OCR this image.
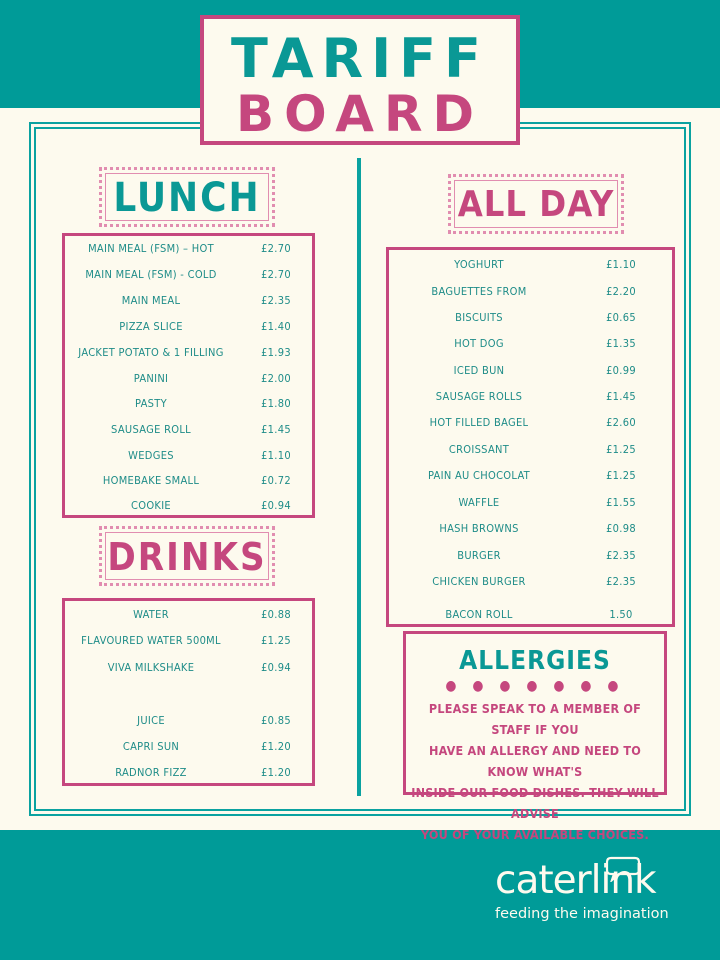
TARIFF
BOARD
LUNCH
MAIN MEAL (FSM) – HOT	£2.70
MAIN MEAL (FSM) - COLD	£2.70
MAIN MEAL	£2.35
PIZZA SLICE	£1.40
JACKET POTATO & 1 FILLING	£1.93
PANINI	£2.00
PASTY	£1.80
SAUSAGE ROLL	£1.45
WEDGES	£1.10
HOMEBAKE SMALL	£0.72
COOKIE	£0.94
DRINKS
WATER	£0.88
FLAVOURED WATER 500ML	£1.25
VIVA MILKSHAKE	£0.94
JUICE	£0.85
CAPRI SUN	£1.20
RADNOR FIZZ	£1.20
ALL DAY
YOGHURT	£1.10
BAGUETTES FROM	£2.20
BISCUITS	£0.65
HOT DOG	£1.35
ICED BUN	£0.99
SAUSAGE ROLLS	£1.45
HOT FILLED BAGEL	£2.60
CROISSANT	£1.25
PAIN AU CHOCOLAT	£1.25
WAFFLE	£1.55
HASH BROWNS	£0.98
BURGER	£2.35
CHICKEN BURGER	£2.35
BACON ROLL	1.50
ALLERGIES
● ● ● ● ● ● ●
PLEASE SPEAK TO A MEMBER OF STAFF IF YOU
HAVE AN ALLERGY AND NEED TO KNOW WHAT'S
INSIDE OUR FOOD DISHES. THEY WILL ADVISE
YOU OF YOUR AVAILABLE CHOICES.
caterlink
feeding the imagination
